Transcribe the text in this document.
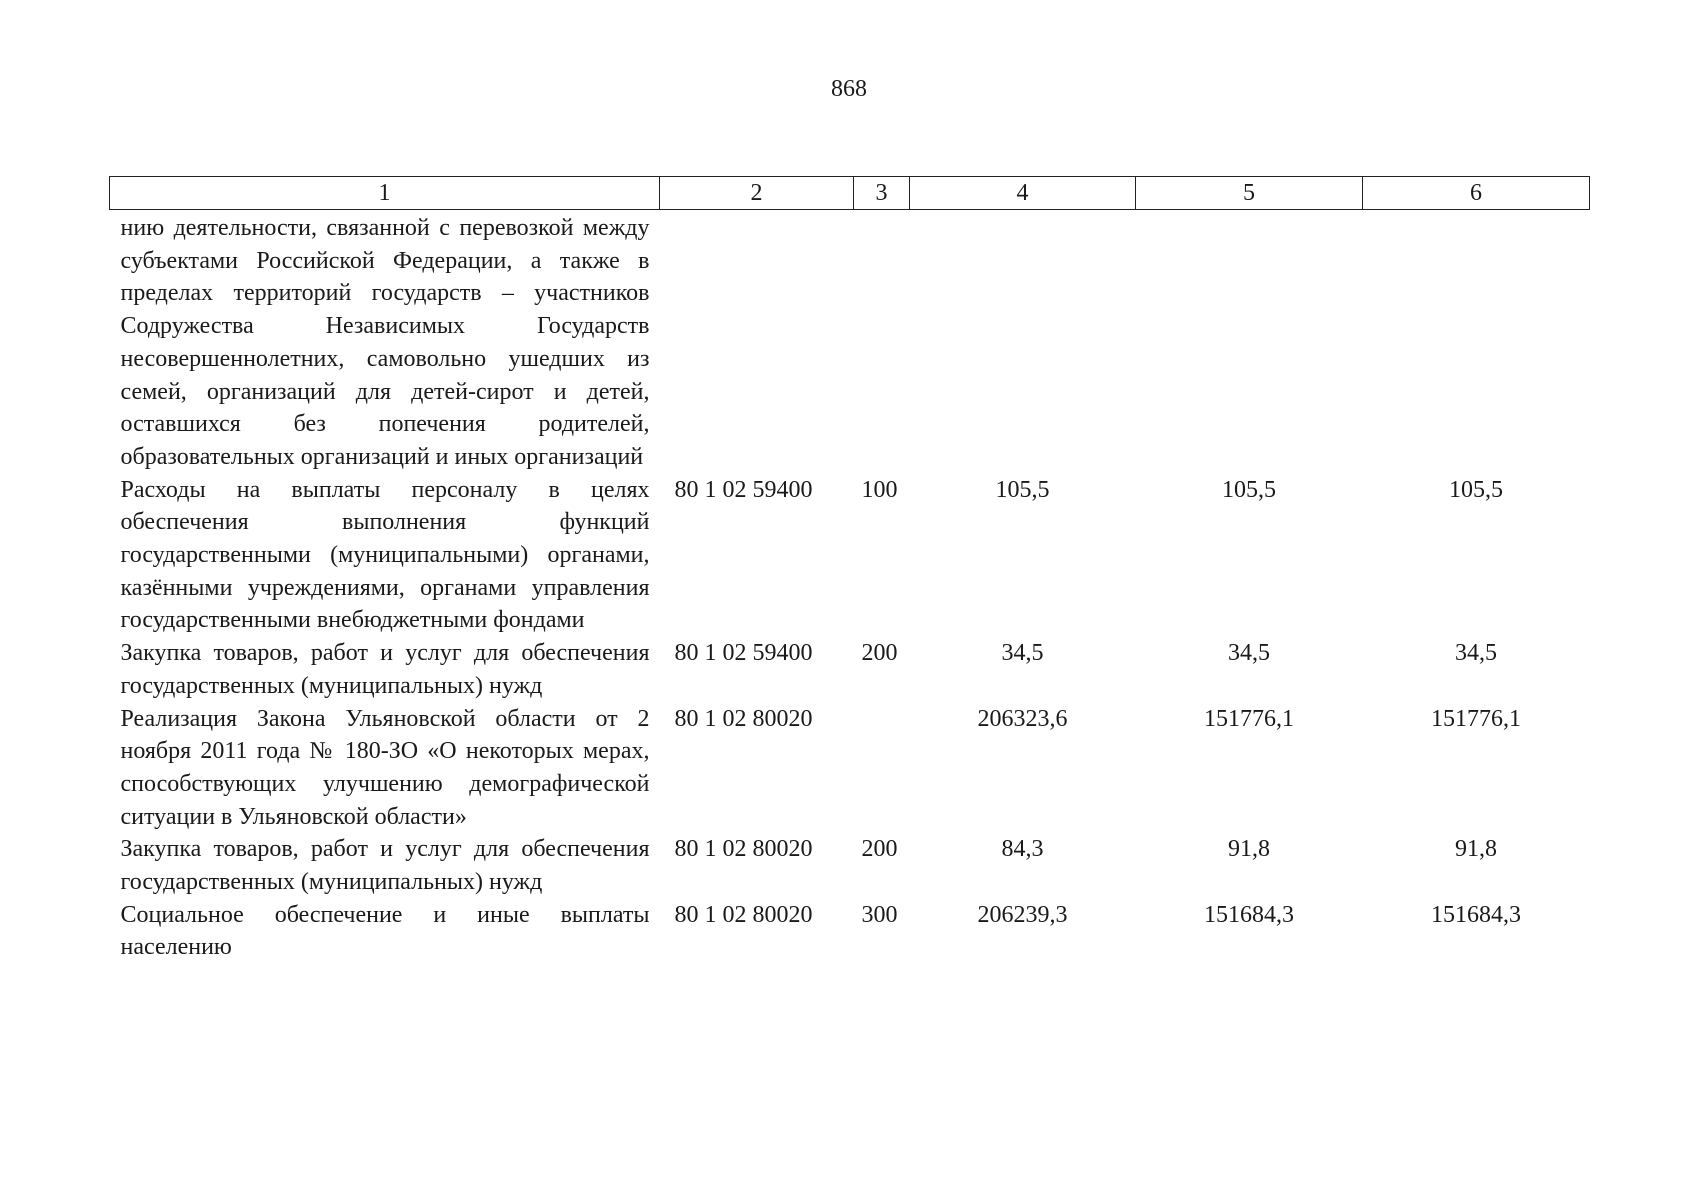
868
1	2	3	4	5	6
нию деятельности, связанной с перевозкой между субъектами Российской Федерации, а также в пределах территорий государств – участников Содружества Независимых Государств несовершеннолетних, самовольно ушедших из семей, организаций для детей-сирот и детей, оставшихся без попечения родителей, образовательных организаций и иных организаций					
Расходы на выплаты персоналу в целях обеспечения выполнения функций государственными (муниципальными) органами, казёнными учреждениями, органами управления государственными внебюджетными фондами	80 1 02 59400	100	105,5	105,5	105,5
Закупка товаров, работ и услуг для обеспечения государственных (муниципальных) нужд	80 1 02 59400	200	34,5	34,5	34,5
Реализация Закона Ульяновской области от 2 ноября 2011 года № 180-ЗО «О некоторых мерах, способствующих улучшению демографической ситуации в Ульяновской области»	80 1 02 80020		206323,6	151776,1	151776,1
Закупка товаров, работ и услуг для обеспечения государственных (муниципальных) нужд	80 1 02 80020	200	84,3	91,8	91,8
Социальное обеспечение и иные выплаты населению	80 1 02 80020	300	206239,3	151684,3	151684,3
